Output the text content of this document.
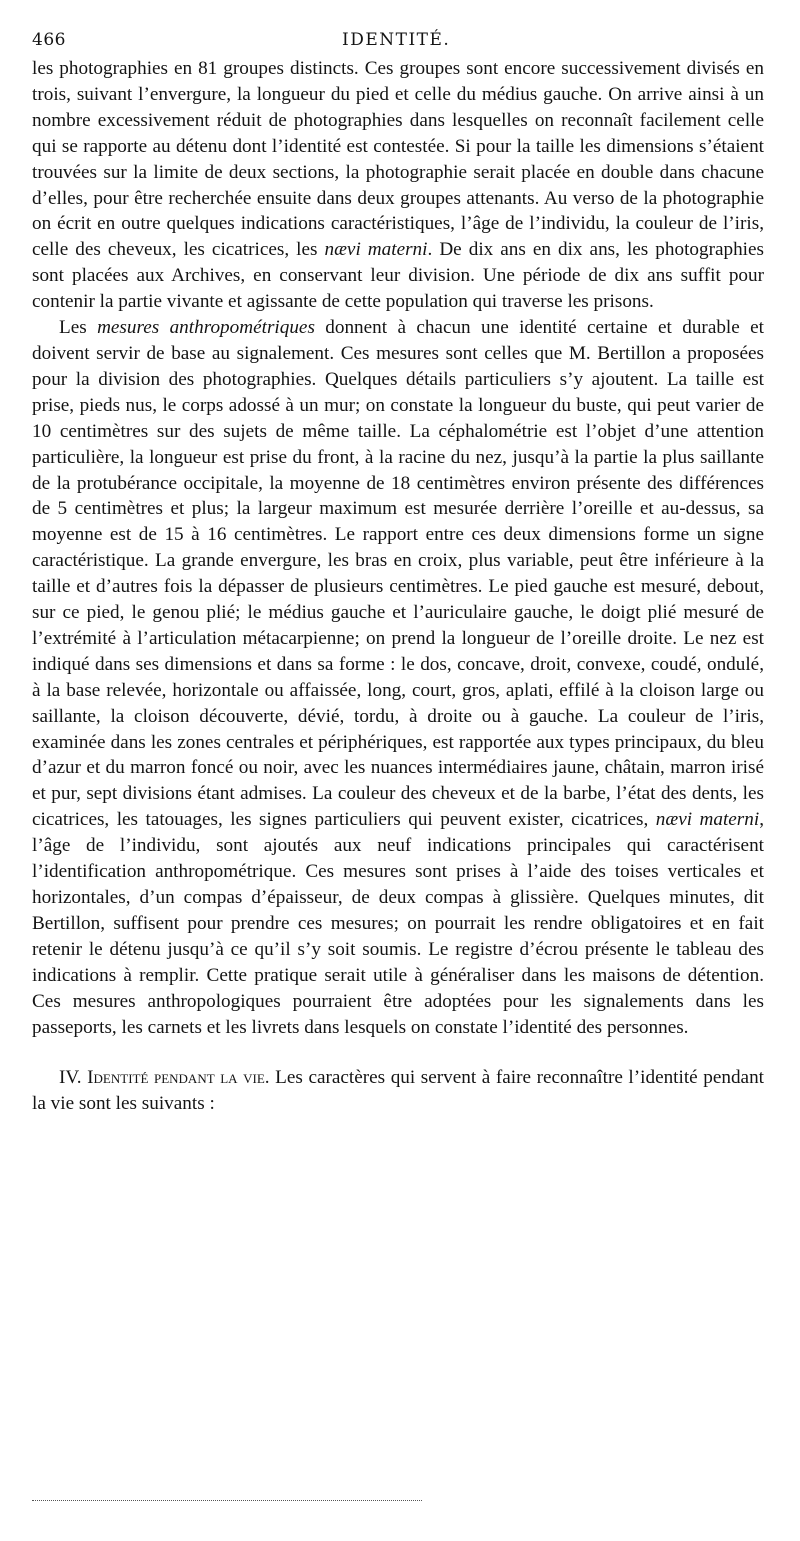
466	IDENTITÉ.

les photographies en 81 groupes distincts. Ces groupes sont encore successivement divisés en trois, suivant l’envergure, la longueur du pied et celle du médius gauche. On arrive ainsi à un nombre excessivement réduit de photographies dans lesquelles on reconnaît facilement celle qui se rapporte au détenu dont l’identité est contestée. Si pour la taille les dimensions s’étaient trouvées sur la limite de deux sections, la photographie serait placée en double dans chacune d’elles, pour être recherchée ensuite dans deux groupes attenants. Au verso de la photographie on écrit en outre quelques indications caractéristiques, l’âge de l’individu, la couleur de l’iris, celle des cheveux, les cicatrices, les nævi materni. De dix ans en dix ans, les photographies sont placées aux Archives, en conservant leur division. Une période de dix ans suffit pour contenir la partie vivante et agissante de cette population qui traverse les prisons.

Les mesures anthropométriques donnent à chacun une identité certaine et durable et doivent servir de base au signalement. Ces mesures sont celles que M. Bertillon a proposées pour la division des photographies. Quelques détails particuliers s’y ajoutent. La taille est prise, pieds nus, le corps adossé à un mur; on constate la longueur du buste, qui peut varier de 10 centimètres sur des sujets de même taille. La céphalométrie est l’objet d’une attention particulière, la longueur est prise du front, à la racine du nez, jusqu’à la partie la plus saillante de la protubérance occipitale, la moyenne de 18 centimètres environ présente des différences de 5 centimètres et plus; la largeur maximum est mesurée derrière l’oreille et au-dessus, sa moyenne est de 15 à 16 centimètres. Le rapport entre ces deux dimensions forme un signe caractéristique. La grande envergure, les bras en croix, plus variable, peut être inférieure à la taille et d’autres fois la dépasser de plusieurs centimètres. Le pied gauche est mesuré, debout, sur ce pied, le genou plié; le médius gauche et l’auriculaire gauche, le doigt plié mesuré de l’extrémité à l’articulation métacarpienne; on prend la longueur de l’oreille droite. Le nez est indiqué dans ses dimensions et dans sa forme : le dos, concave, droit, convexe, coudé, ondulé, à la base relevée, horizontale ou affaissée, long, court, gros, aplati, effilé à la cloison large ou saillante, la cloison découverte, dévié, tordu, à droite ou à gauche. La couleur de l’iris, examinée dans les zones centrales et périphériques, est rapportée aux types principaux, du bleu d’azur et du marron foncé ou noir, avec les nuances intermédiaires jaune, châtain, marron irisé et pur, sept divisions étant admises. La couleur des cheveux et de la barbe, l’état des dents, les cicatrices, les tatouages, les signes particuliers qui peuvent exister, cicatrices, nævi materni, l’âge de l’individu, sont ajoutés aux neuf indications principales qui caractérisent l’identification anthropométrique. Ces mesures sont prises à l’aide des toises verticales et horizontales, d’un compas d’épaisseur, de deux compas à glissière. Quelques minutes, dit Bertillon, suffisent pour prendre ces mesures; on pourrait les rendre obligatoires et en fait retenir le détenu jusqu’à ce qu’il s’y soit soumis. Le registre d’écrou présente le tableau des indications à remplir. Cette pratique serait utile à généraliser dans les maisons de détention. Ces mesures anthropologiques pourraient être adoptées pour les signalements dans les passeports, les carnets et les livrets dans lesquels on constate l’identité des personnes.

IV. Identité pendant la vie. Les caractères qui servent à faire reconnaître l’identité pendant la vie sont les suivants :
